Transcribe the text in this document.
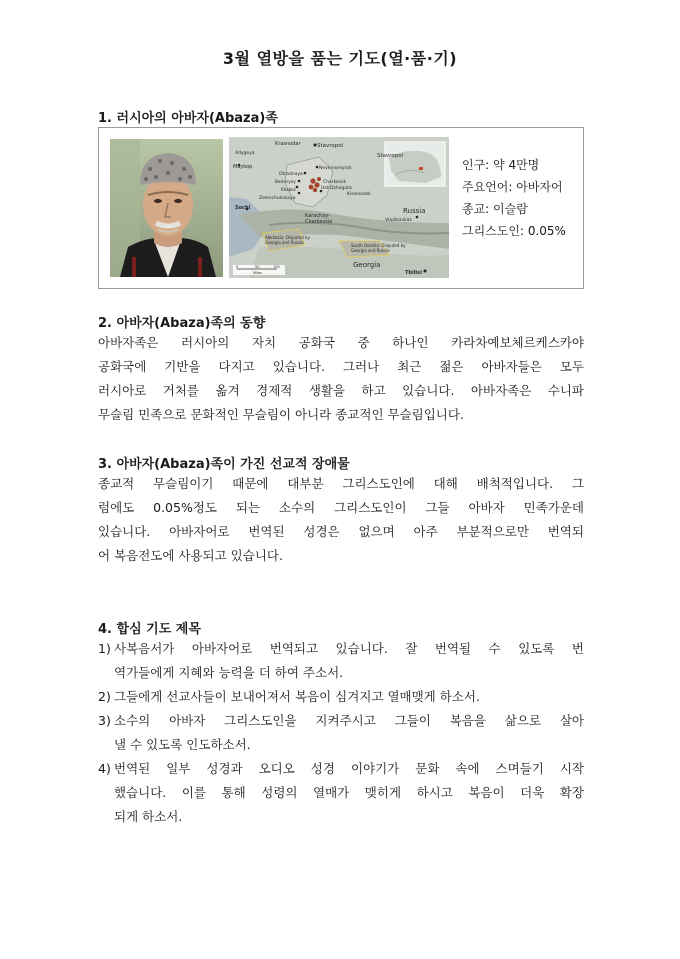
3월 열방을 품는 기도(열·품·기)
1. 러시아의 아바자(Abaza)족
Stavropol
Stavropol
Krasnodar
Adygeya
Maykop	Nevinnomyssk
Otradnaya
Beslenyey	Cherkessk
Ust-Dzheguta
Khabez
Kislovodsk
Zelenchukskaya
Sochi
Karachay-
Cherkessia
Russia
Vladikavkaz
Abkhazia: Disputed by
Georgia and Russia
South Ossetia: Disputed by
Georgia and Russia
Georgia
Tbilisi
0	50	100
Miles
인구: 약 4만명
주요언어: 아바자어
종교: 이슬람
그리스도인: 0.05%
2. 아바자(Abaza)족의 동향
아바자족은 러시아의 자치 공화국 중 하나인 카라차예보체르케스카야
공화국에 기반을 다지고 있습니다. 그러나 최근 젊은 아바자들은 모두
러시아로 거처를 옮겨 경제적 생활을 하고 있습니다. 아바자족은 수니파
무슬림 민족으로 문화적인 무슬림이 아니라 종교적인 무슬림입니다.
3. 아바자(Abaza)족이 가진 선교적 장애물
종교적 무슬림이기 때문에 대부분 그리스도인에 대해 배척적입니다. 그
럼에도 0.05%정도 되는 소수의 그리스도인이 그들 아바자 민족가운데
있습니다. 아바자어로 번역된 성경은 없으며 아주 부분적으로만 번역되
어 복음전도에 사용되고 있습니다.
4. 합심 기도 제목
1) 사복음서가 아바자어로 번역되고 있습니다. 잘 번역될 수 있도록 번
역가들에게 지혜와 능력을 더 하여 주소서.
2) 그들에게 선교사들이 보내어져서 복음이 심겨지고 열매맺게 하소서.
3) 소수의 아바자 그리스도인을 지켜주시고 그들이 복음을 삶으로 살아
낼 수 있도록 인도하소서.
4) 번역된 일부 성경과 오디오 성경 이야기가 문화 속에 스며들기 시작
했습니다. 이를 통해 성령의 열매가 맺히게 하시고 복음이 더욱 확장
되게 하소서.
